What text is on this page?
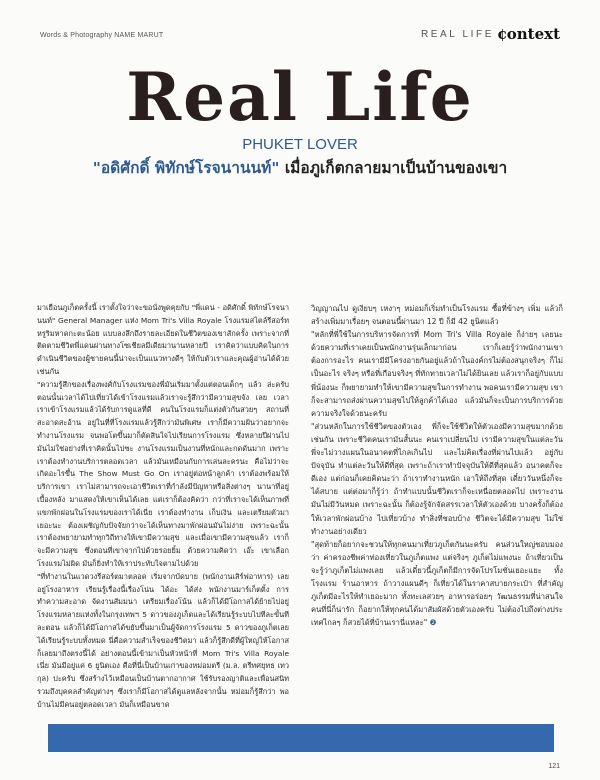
Words & Photography NAME MARUT	REAL LIFE context
Real Life
PHUKET LOVER
"อดิศักดิ์ พิทักษ์โรจนานนท์" เมื่อภูเก็ตกลายมาเป็นบ้านของเขา

มาเยือนภูเก็ตครั้งนี้ เราตั้งใจว่าจะขอนั่งพูดคุยกับ "พี่แดน - อดิศักดิ์ พิทักษ์โรจนานนท์" General Manager แห่ง Mom Tri's Villa Royale โรงแรมสไตล์รีสอร์ทหรูริมหาดกะตะน้อย แบบลงลึกถึงรายละเอียดในชีวิตของเขาสักครั้ง เพราะจากที่ติดตามชีวิตพี่แดนผ่านทางโซเชียลมีเดียมานานหลายปี เราคิดว่าแบบคิดในการดำเนินชีวิตของผู้ชายคนนี้น่าจะเป็นแนวทางดีๆ ให้กับตัวเราและคุณผู้อ่านได้ด้วยเช่นกัน

"ความรู้สึกของเรื่องพงศ์กับโรงแรมของพี่มันเริ่มมาตั้งแต่ตอนเด็กๆ แล้ว ล่ะครับ ตอนนั้นเวลาได้ไปเที่ยวได้เข้าโรงแรมแล้วเราจะรู้สึกว่ามีความสุขจัง เลย เวลาเราเข้าโรงแรมแล้วได้รับการดูแลที่ดี คนในโรงแรมก็แต่งตัวกันสวยๆ สถานที่สะอาดสะอ้าน อยู่ในที่ที่โรงแรมแล้วรู้สึกว่ามันพิเศษ เราก็มีความฝันว่าอยากจะทำงานโรงแรม จนพอโตขึ้นมาก็ตัดสินใจไปเรียนการโรงแรม ซึ่งหลายปีผ่านไป มันไม่ใช่อย่างที่เราคิดนั้นไปซะ งานโรงแรมเป็นงานที่หนักและกดดันมาก เพราะเราต้องทำงานบริการตลอดเวลา แล้วมันเหมือนกับการเล่นละครนะ คือไม่ว่าจะเกิดอะไรขึ้น The Show Must Go On เราอยู่ต่อหน้าลูกค้า เราต้องพร้อมให้บริการเขา เราไม่สามารถจะเอาชีวิตเราที่กำลังมีปัญหาหรือสิ่งต่างๆ นานาที่อยู่เบื้องหลัง มาแสดงให้เขาเห็นได้เลย แต่เราก็ต้องคิดว่า กว่าที่เราจะได้เห็นภาพที่แขกพักผ่อนในโรงแรมของเราได้เนี่ย เราต้องทำงาน เก็บเงิน และเตรียมตัวมาเยอะนะ ต้องเผชิญกับปัจจัยกว่าจะได้เห็นทางมาพักผ่อนมันไม่ง่าย เพราะฉะนั้น เราต้องพยายามทำทุกวิถีทางให้เขามีความสุข และเมื่อเขามีความสุขแล้ว เราก็จะมีความสุข ซึ่งตอนที่เขาจากไปด้วยรอยยิ้ม ด้วยความคิดว่า เอ๊ะ เขาเลือกโรงแรมไม่ผิด มันก็ยิ่งทำให้เราประทับใจตามไปด้วย

"ที่ทำงานในแวดวงรีสอร์ตมาตลอด เริ่มจากบัดบาย (พนักงานเสิร์ฟอาหาร) เลย อยู่โรงอาหาร เรียนรู้เรื่องนี้เรื่องโน่น ได้อะ ได้ส่ง พนักงานมาร์เก็ตติ้ง การทำความสะอาด จัดงานสัมมนา เตรียมเรื่องโน้น แล้วก็ได้มีโอกาสได้ย้ายไปอยู่โรงแรมหลายแห่งทั้งในกรุงเทพฯ 5 ดาวของภูเก็ตและได้เรียนรู้ระบบไปทีละขั้นทีละตอน แล้วก็ได้มีโอกาสได้ขยับขึ้นมาเป็นผู้จัดการโรงแรม 5 ดาวของภูเก็ตเลยได้เรียนรู้ระบบทั้งหมด นี่คือความสำเร็จของชีวิตมา แล้วก็รู้สึกดีที่ผู้ใหญ่ให้โอกาส ก็เลยมาถึงตรงนี้ได้ อย่างตอนนี้เข้ามาเป็นหัวหน้าที่ Mom Tri's Villa Royale เนี่ย มันมีอยู่แค่ 6 ยูนิตเอง คือที่นี่เป็นบ้านเก่าของหม่อมตรี (ม.ล. ตรีทศยุทธ เทวกุล) ปะครับ ซึ่งสร้างไว้เหมือนเป็นบ้านตากอากาศ ใช้รับรองญาติและเพื่อนสนิท รวมถึงบุคคลสำคัญต่างๆ ซึ่งเราก็มีโอกาสได้ดูแลหลังจากนั้น หม่อมก็รู้สึกว่า พอบ้านไม่มีคนอยู่ตลอดเวลา มันก็เหมือนขาด

วิญญาณไป ดูเงียบๆ เหงาๆ หม่อมก็เริ่มทำเป็นโรงแรม ซื้อที่ข้างๆ เพิ่ม แล้วก็สร้างเพิ่มมาเรื่อยๆ จนตอนนี้ผ่านมา 12 ปี ก็มี 42 ยูนิตแล้ว

"หลักที่พี่ใช้ในการบริหารจัดการที่ Mom Tri's Villa Royale ก็ง่ายๆ เลยนะ ด้วยความที่เราเคยเป็นพนักงานรุ่นเล็กมาก่อน เราก็เลยรู้ว่าพนักงานเขาต้องการอะไร คนเรามีมีโครงอายกันอยู่แล้วถ้าในองค์กรไม่ต้องสนุกจริงๆ ก็ไม่เป็นอะไร จริงๆ หรือที่เกือบจริงๆ ที่ทักทายเวลาไม่ได้ยินเลย แล้วเราก็อยู่กับแบบพี่น้องนะ ก็พยายามทำให้เขามีความสุขในการทำงาน พอคนเรามีความสุข เขาก็จะสามารถส่งผ่านความสุขไปให้ลูกค้าได้เอง แล้วมันก็จะเป็นการบริการด้วยความจริงใจด้วยนะครับ

"ส่วนหลักในการใช้ชีวิตของตัวเอง พี่ก็จะใช้ชีวิตให้ตัวเองมีความสุขมากด้วยเช่นกัน เพราะชีวิตคนเรามันสั้นนะ คนเราเปลี่ยนไป เรามีความสุขในแต่ละวัน พี่จะไม่วางแผนในอนาคตที่ไกลเกินไป และไม่คิดเรื่องที่ผ่านไปแล้ว อยู่กับปัจจุบัน ทำแต่ละวันให้ดีที่สุด เพราะถ้าเราทำปัจจุบันให้ดีที่สุดแล้ว อนาคตก็จะดีเอง แต่ก่อนก็เคยคิดนะว่า ถ้าเราทำงานหนัก เอาให้ถึงที่สุด เดี๋ยววันหนึ่งก็จะได้สบาย แต่ต่อมาก็รู้ว่า ถ้าทำแบบนั้นชีวิตเราก็จะเหนื่อยตลอดไป เพราะงานมันไม่มีวันหมด เพราะฉะนั้น ก็ต้องรู้จักจัดสรรเวลาให้ตัวเองด้วย บางครั้งก็ต้องให้เวลาพักผ่อนบ้าง ไปเที่ยวบ้าง ทำสิ่งที่ชอบบ้าง ชีวิตจะได้มีความสุข ไม่ใช่ทำงานอย่างเดียว

"สุดท้ายก็อยากจะชวนให้ทุกคนมาเที่ยวภูเก็ตกันนะครับ คนส่วนใหญ่ชอบมองว่า ค่าครองชีพค่าท่องเที่ยวในภูเก็ตแพง แต่จริงๆ ภูเก็ตไม่แพงนะ ถ้าเที่ยวเป็น จะรู้ว่าภูเก็ตไม่แพงเลย แล้วเดี๋ยวนี้ภูเก็ตก็มีการจัดโปรโมชั่นเยอะแยะ ทั้งโรงแรม ร้านอาหาร ถ้าวางแผนดีๆ ก็เที่ยวได้ในราคาสบายกระเป๋า ที่สำคัญภูเก็ตมีอะไรให้ทำเยอะมาก ทั้งทะเลสวยๆ อาหารอร่อยๆ วัฒนธรรมที่น่าสนใจ คนที่นี่ก็น่ารัก ก็อยากให้ทุกคนได้มาสัมผัสด้วยตัวเองครับ ไม่ต้องไปถึงต่างประเทศไกลๆ ก็สวยได้ที่บ้านเรานี่แหละ" ❷

121
